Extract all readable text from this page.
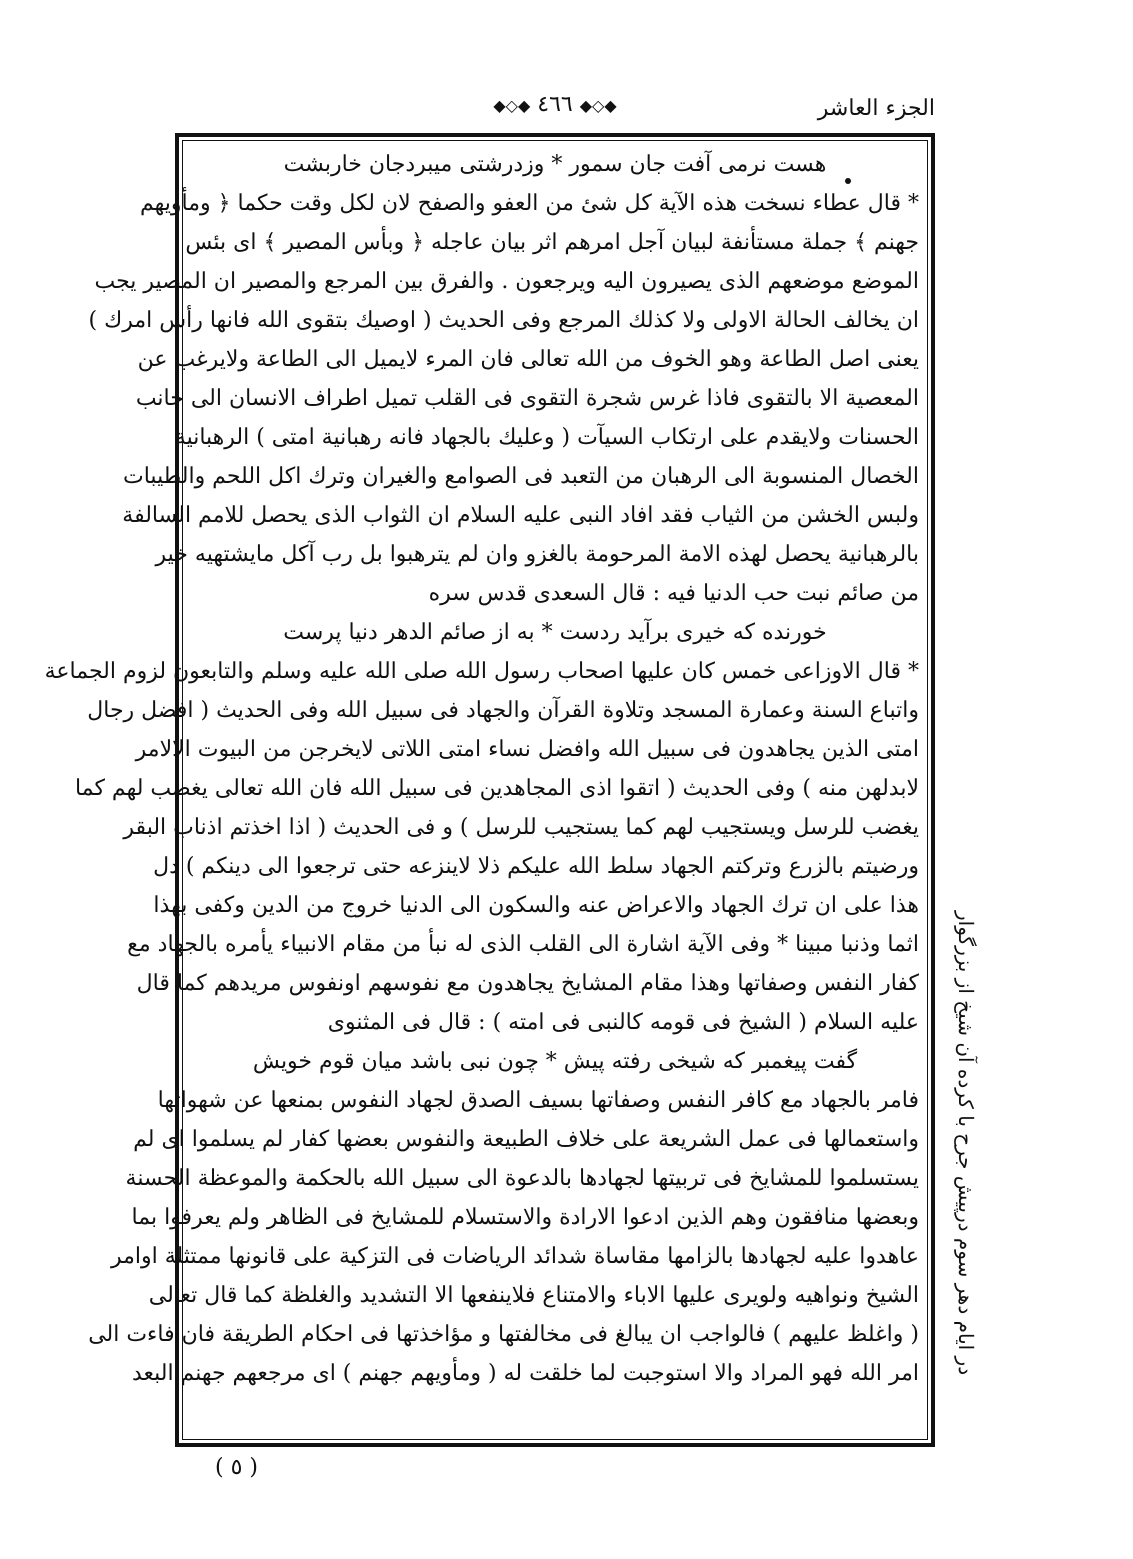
الجزء العاشر
◆◇◆ ٤٦٦ ◆◇◆
هست نرمی آفت جان سمور * وزدرشتی میبردجان خاربشت
* قال عطاء نسخت هذه الآية كل شئ من العفو والصفح لان لكل وقت حكما ﴿ ومأويهم
جهنم ﴾ جملة مستأنفة لبيان آجل امرهم اثر بيان عاجله ﴿ وبأس المصير ﴾ اى بئس
الموضع موضعهم الذى يصيرون اليه ويرجعون . والفرق بين المرجع والمصير ان المصير يجب
ان يخالف الحالة الاولى ولا كذلك المرجع وفى الحديث ( اوصيك بتقوى الله فانها رأس امرك )
يعنى اصل الطاعة وهو الخوف من الله تعالى فان المرء لايميل الى الطاعة ولايرغب عن
المعصية الا بالتقوى فاذا غرس شجرة التقوى فى القلب تميل اطراف الانسان الى جانب
الحسنات ولايقدم على ارتكاب السيآت ( وعليك بالجهاد فانه رهبانية امتى ) الرهبانية
الخصال المنسوبة الى الرهبان من التعبد فى الصوامع والغيران وترك اكل اللحم والطيبات
ولبس الخشن من الثياب فقد افاد النبى عليه السلام ان الثواب الذى يحصل للامم السالفة
بالرهبانية يحصل لهذه الامة المرحومة بالغزو وان لم يترهبوا بل رب آكل مايشتهيه خير
من صائم نبت حب الدنيا فيه : قال السعدى قدس سره
خورنده كه خيرى برآيد ردست * به از صائم الدهر دنيا پرست
* قال الاوزاعى خمس كان عليها اصحاب رسول الله صلى الله عليه وسلم والتابعون لزوم الجماعة
واتباع السنة وعمارة المسجد وتلاوة القرآن والجهاد فى سبيل الله وفى الحديث ( افضل رجال
امتى الذين يجاهدون فى سبيل الله وافضل نساء امتى اللاتى لايخرجن من البيوت الالامر
لابدلهن منه ) وفى الحديث ( اتقوا اذى المجاهدين فى سبيل الله فان الله تعالى يغضب لهم كما
يغضب للرسل ويستجيب لهم كما يستجيب للرسل ) و فى الحديث ( اذا اخذتم اذناب البقر
ورضيتم بالزرع وتركتم الجهاد سلط الله عليكم ذلا لاينزعه حتى ترجعوا الى دينكم ) دل
هذا على ان ترك الجهاد والاعراض عنه والسكون الى الدنيا خروج من الدين وكفى بهذا
اثما وذنبا مبينا * وفى الآية اشارة الى القلب الذى له نبأ من مقام الانبياء يأمره بالجهاد مع
كفار النفس وصفاتها وهذا مقام المشايخ يجاهدون مع نفوسهم اونفوس مريدهم كما قال
عليه السلام ( الشيخ فى قومه كالنبى فى امته ) : قال فى المثنوى
گفت پيغمبر كه شيخى رفته پيش * چون نبى باشد ميان قوم خويش
فامر بالجهاد مع كافر النفس وصفاتها بسيف الصدق لجهاد النفوس بمنعها عن شهواتها
واستعمالها فى عمل الشريعة على خلاف الطبيعة والنفوس بعضها كفار لم يسلموا اى لم
يستسلموا للمشايخ فى تربيتها لجهادها بالدعوة الى سبيل الله بالحكمة والموعظة الحسنة
وبعضها منافقون وهم الذين ادعوا الارادة والاستسلام للمشايخ فى الظاهر ولم يعرفوا بما
عاهدوا عليه لجهادها بالزامها مقاساة شدائد الرياضات فى التزكية على قانونها ممتثلة اوامر
الشيخ ونواهيه ولويرى عليها الاباء والامتناع فلاينفعها الا التشديد والغلظة كما قال تعالى
( واغلظ عليهم ) فالواجب ان يبالغ فى مخالفتها و مؤاخذتها فى احكام الطريقة فان فاءت الى
امر الله فهو المراد والا استوجبت لما خلقت له ( ومأويهم جهنم ) اى مرجعهم جهنم البعد	در ايام دهر سوم درپيش جرح با كرده آن شيخ از بزرگوار
( ٥ )
